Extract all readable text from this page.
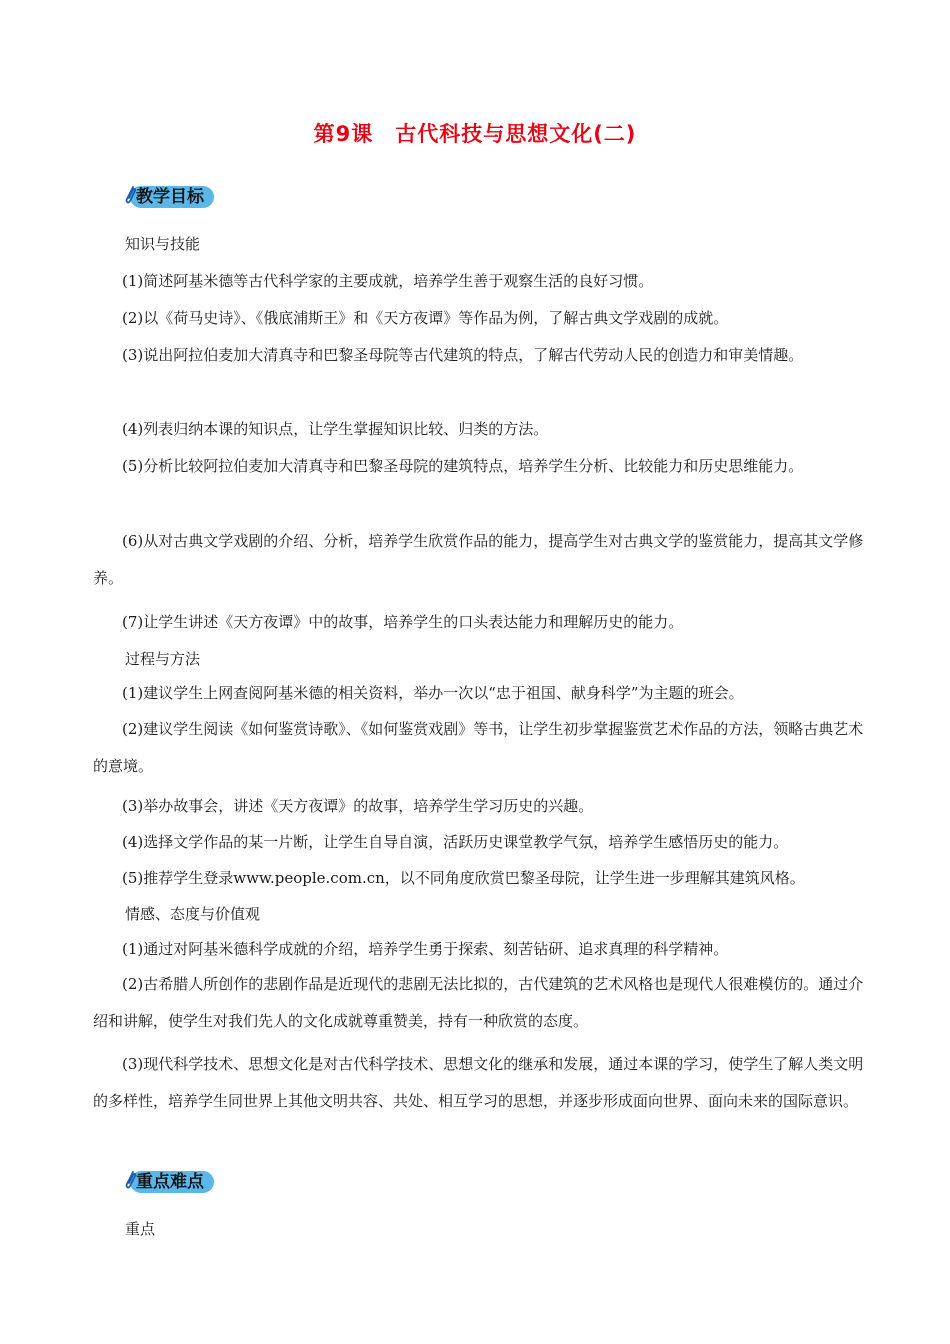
第9课　古代科技与思想文化(二)
教学目标

知识与技能

(1)简述阿基米德等古代科学家的主要成就，培养学生善于观察生活的良好习惯。

(2)以《荷马史诗》、《俄底浦斯王》和《天方夜谭》等作品为例，了解古典文学戏剧的成就。

(3)说出阿拉伯麦加大清真寺和巴黎圣母院等古代建筑的特点，了解古代劳动人民的创造力和审美情趣。

(4)列表归纳本课的知识点，让学生掌握知识比较、归类的方法。

(5)分析比较阿拉伯麦加大清真寺和巴黎圣母院的建筑特点，培养学生分析、比较能力和历史思维能力。

(6)从对古典文学戏剧的介绍、分析，培养学生欣赏作品的能力，提高学生对古典文学的鉴赏能力，提高其文学修养。

(7)让学生讲述《天方夜谭》中的故事，培养学生的口头表达能力和理解历史的能力。

过程与方法

(1)建议学生上网查阅阿基米德的相关资料，举办一次以“忠于祖国、献身科学”为主题的班会。

(2)建议学生阅读《如何鉴赏诗歌》、《如何鉴赏戏剧》等书，让学生初步掌握鉴赏艺术作品的方法，领略古典艺术的意境。

(3)举办故事会，讲述《天方夜谭》的故事，培养学生学习历史的兴趣。

(4)选择文学作品的某一片断，让学生自导自演，活跃历史课堂教学气氛，培养学生感悟历史的能力。

(5)推荐学生登录www.people.com.cn，以不同角度欣赏巴黎圣母院，让学生进一步理解其建筑风格。

情感、态度与价值观

(1)通过对阿基米德科学成就的介绍，培养学生勇于探索、刻苦钻研、追求真理的科学精神。

(2)古希腊人所创作的悲剧作品是近现代的悲剧无法比拟的，古代建筑的艺术风格也是现代人很难模仿的。通过介绍和讲解，使学生对我们先人的文化成就尊重赞美，持有一种欣赏的态度。

(3)现代科学技术、思想文化是对古代科学技术、思想文化的继承和发展，通过本课的学习，使学生了解人类文明的多样性，培养学生同世界上其他文明共容、共处、相互学习的思想，并逐步形成面向世界、面向未来的国际意识。

重点难点

重点
